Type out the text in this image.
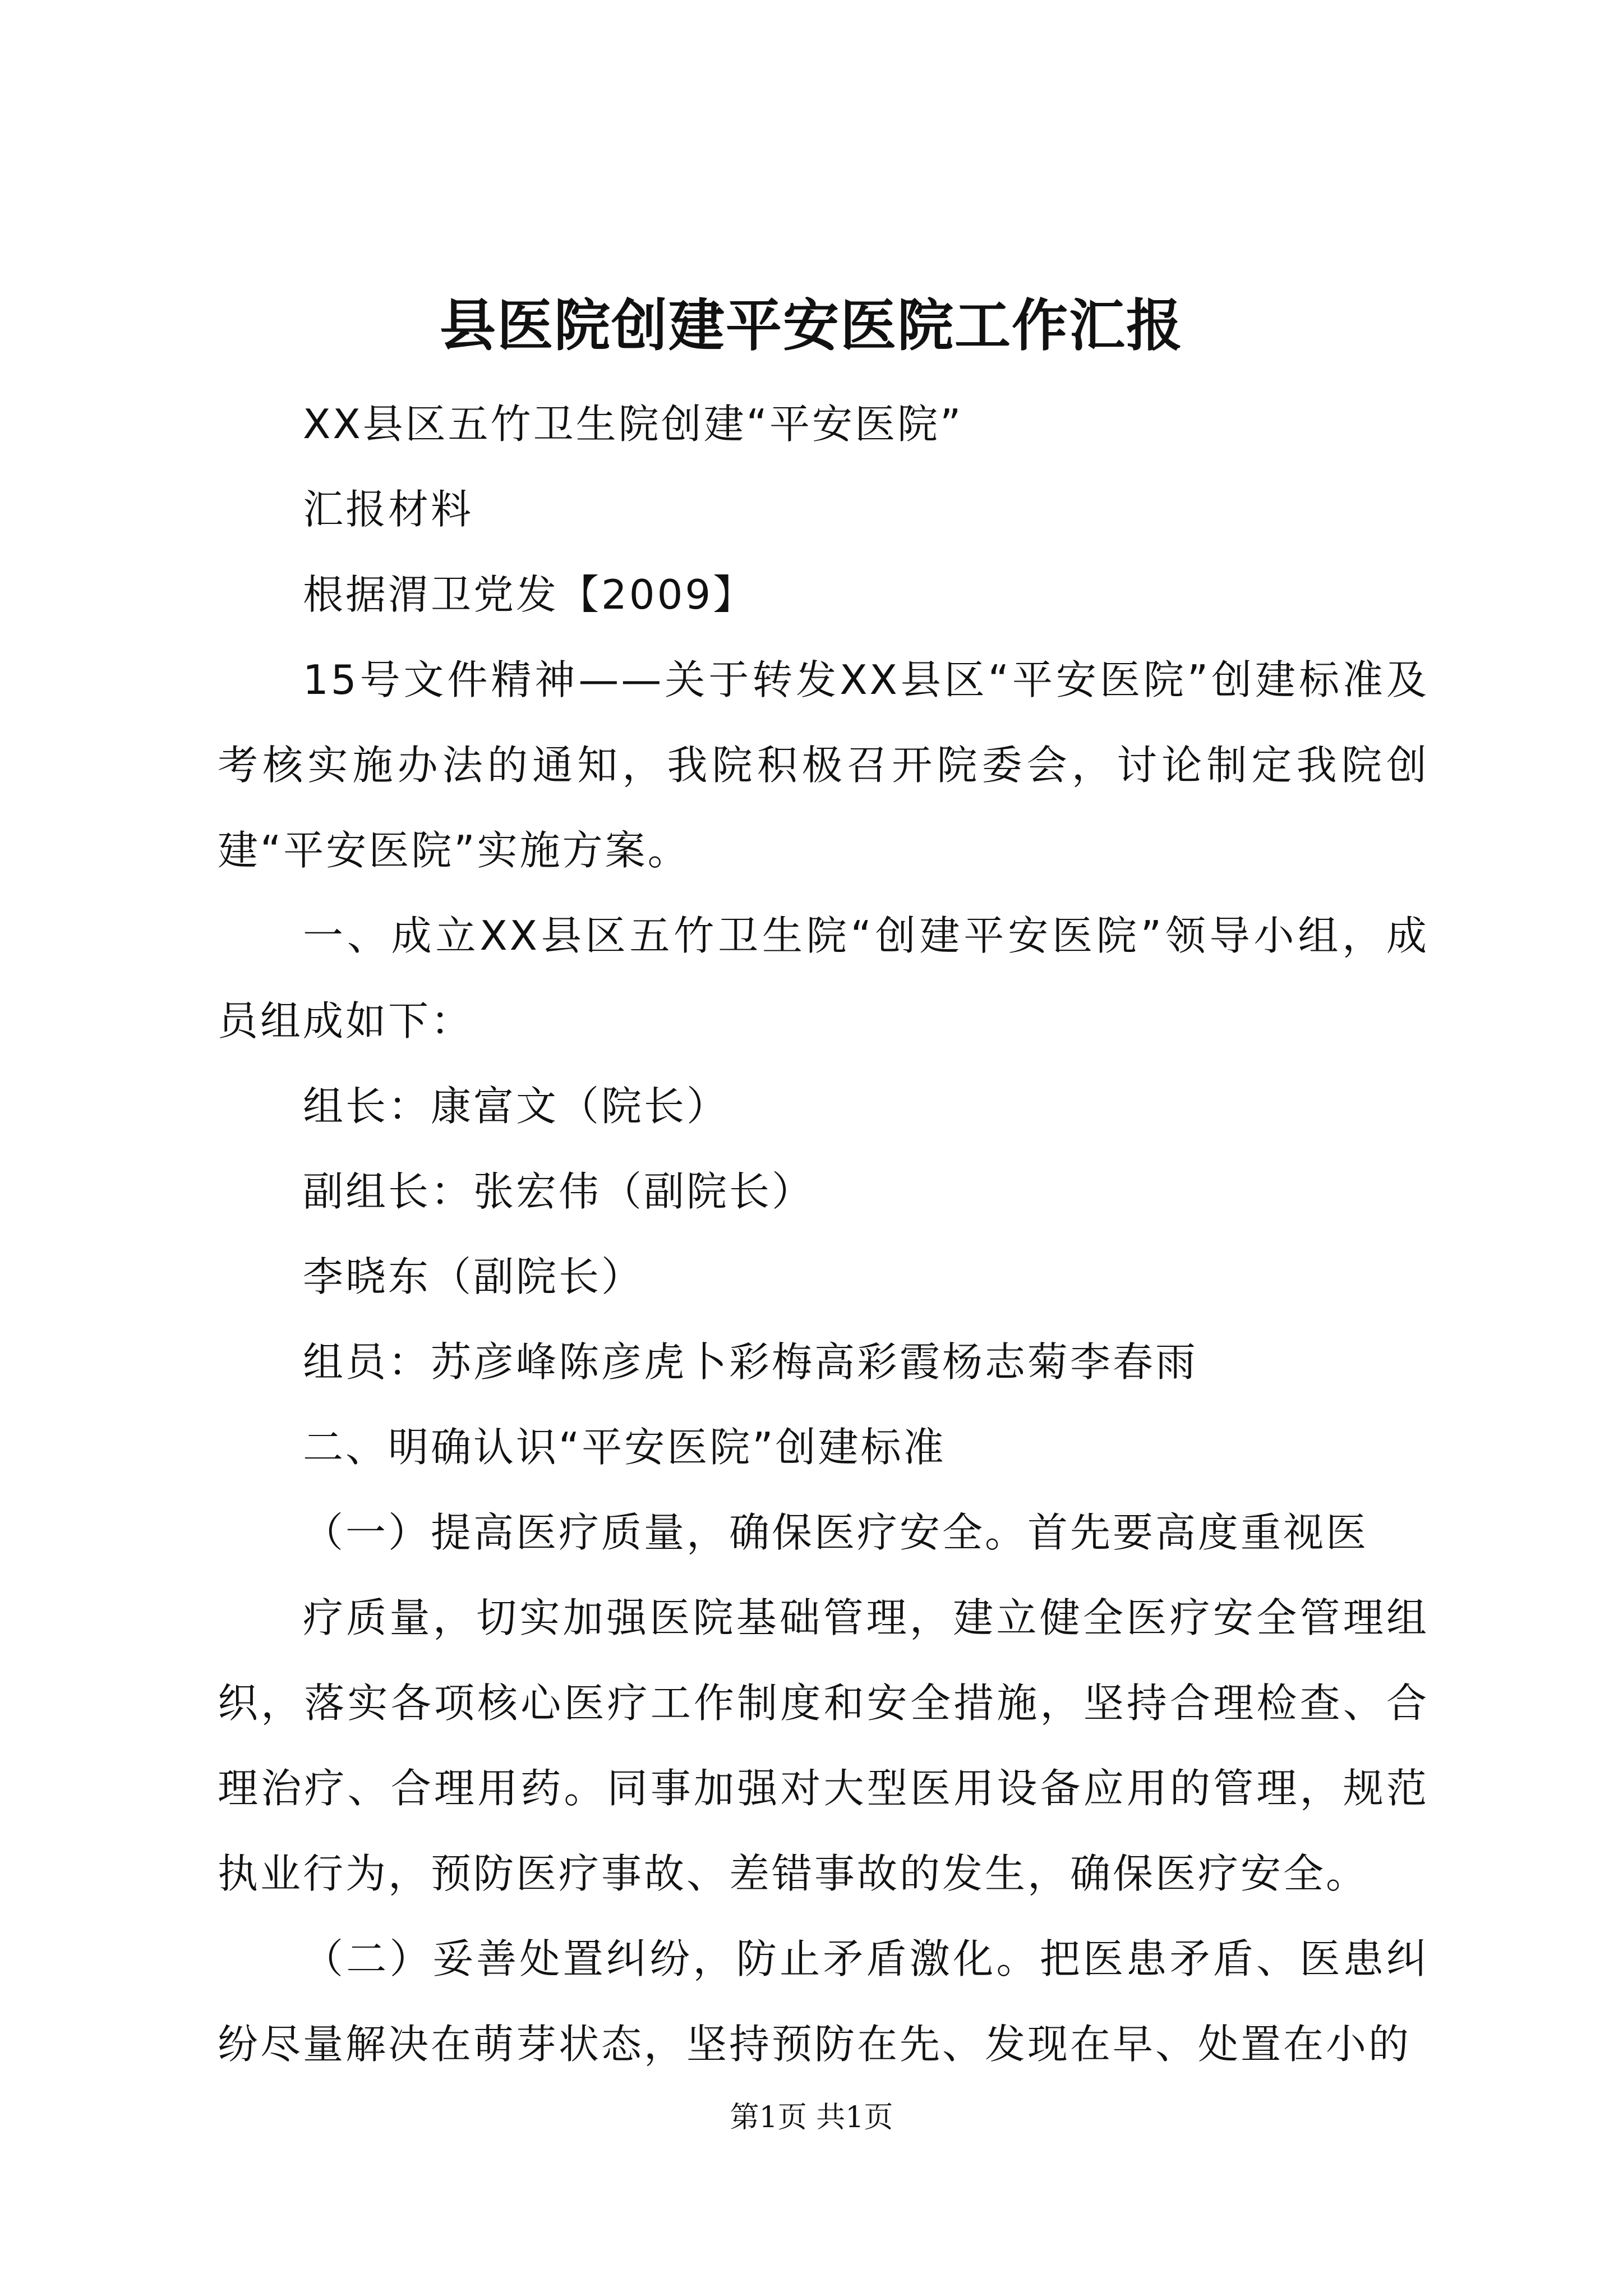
县医院创建平安医院工作汇报

XX县区五竹卫生院创建“平安医院”

汇报材料

根据渭卫党发【2009】

15号文件精神——关于转发XX县区“平安医院”创建标准及考核实施办法的通知，我院积极召开院委会，讨论制定我院创建“平安医院”实施方案。

一、成立XX县区五竹卫生院“创建平安医院”领导小组，成员组成如下：

组长：康富文（院长）

副组长：张宏伟（副院长）

李晓东（副院长）

组员：苏彦峰陈彦虎卜彩梅高彩霞杨志菊李春雨

二、明确认识“平安医院”创建标准

（一）提高医疗质量，确保医疗安全。首先要高度重视医

疗质量，切实加强医院基础管理，建立健全医疗安全管理组织，落实各项核心医疗工作制度和安全措施，坚持合理检查、合理治疗、合理用药。同事加强对大型医用设备应用的管理，规范执业行为，预防医疗事故、差错事故的发生，确保医疗安全。

（二）妥善处置纠纷，防止矛盾激化。把医患矛盾、医患纠纷尽量解决在萌芽状态，坚持预防在先、发现在早、处置在小的

第1页 共1页
